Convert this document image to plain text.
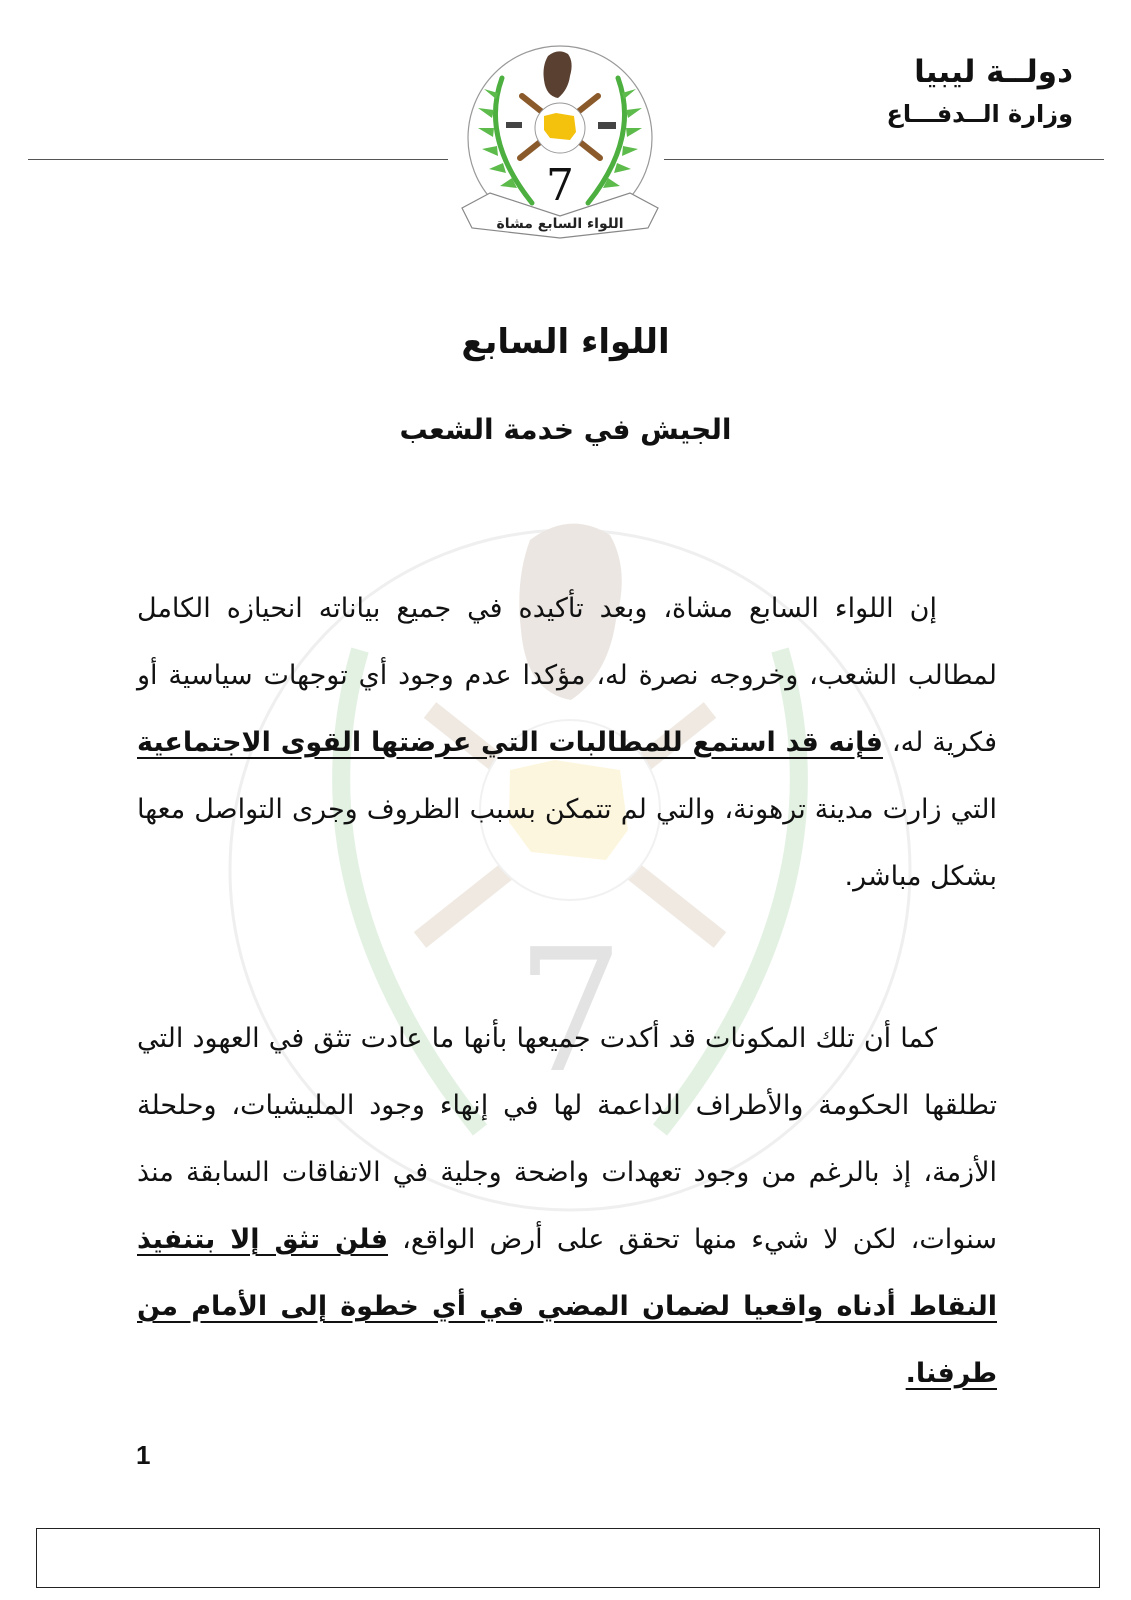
دولــة ليبيا
وزارة الــدفـــاع
7
اللواء السابع مشاة
7
اللواء السابع
الجيش في خدمة الشعب
إن اللواء السابع مشاة، وبعد تأكيده في جميع بياناته انحيازه الكامل لمطالب الشعب، وخروجه نصرة له، مؤكدا عدم وجود أي توجهات سياسية أو فكرية له، فإنه قد استمع للمطالبات التي عرضتها القوى الاجتماعية التي زارت مدينة ترهونة، والتي لم تتمكن بسبب الظروف وجرى التواصل معها بشكل مباشر.
كما أن تلك المكونات قد أكدت جميعها بأنها ما عادت تثق في العهود التي تطلقها الحكومة والأطراف الداعمة لها في إنهاء وجود المليشيات، وحلحلة الأزمة، إذ بالرغم من وجود تعهدات واضحة وجلية في الاتفاقات السابقة منذ سنوات، لكن لا شيء منها تحقق على أرض الواقع، فلن تثق إلا بتنفيذ النقاط أدناه واقعيا لضمان المضي في أي خطوة إلى الأمام من طرفنا.
1
